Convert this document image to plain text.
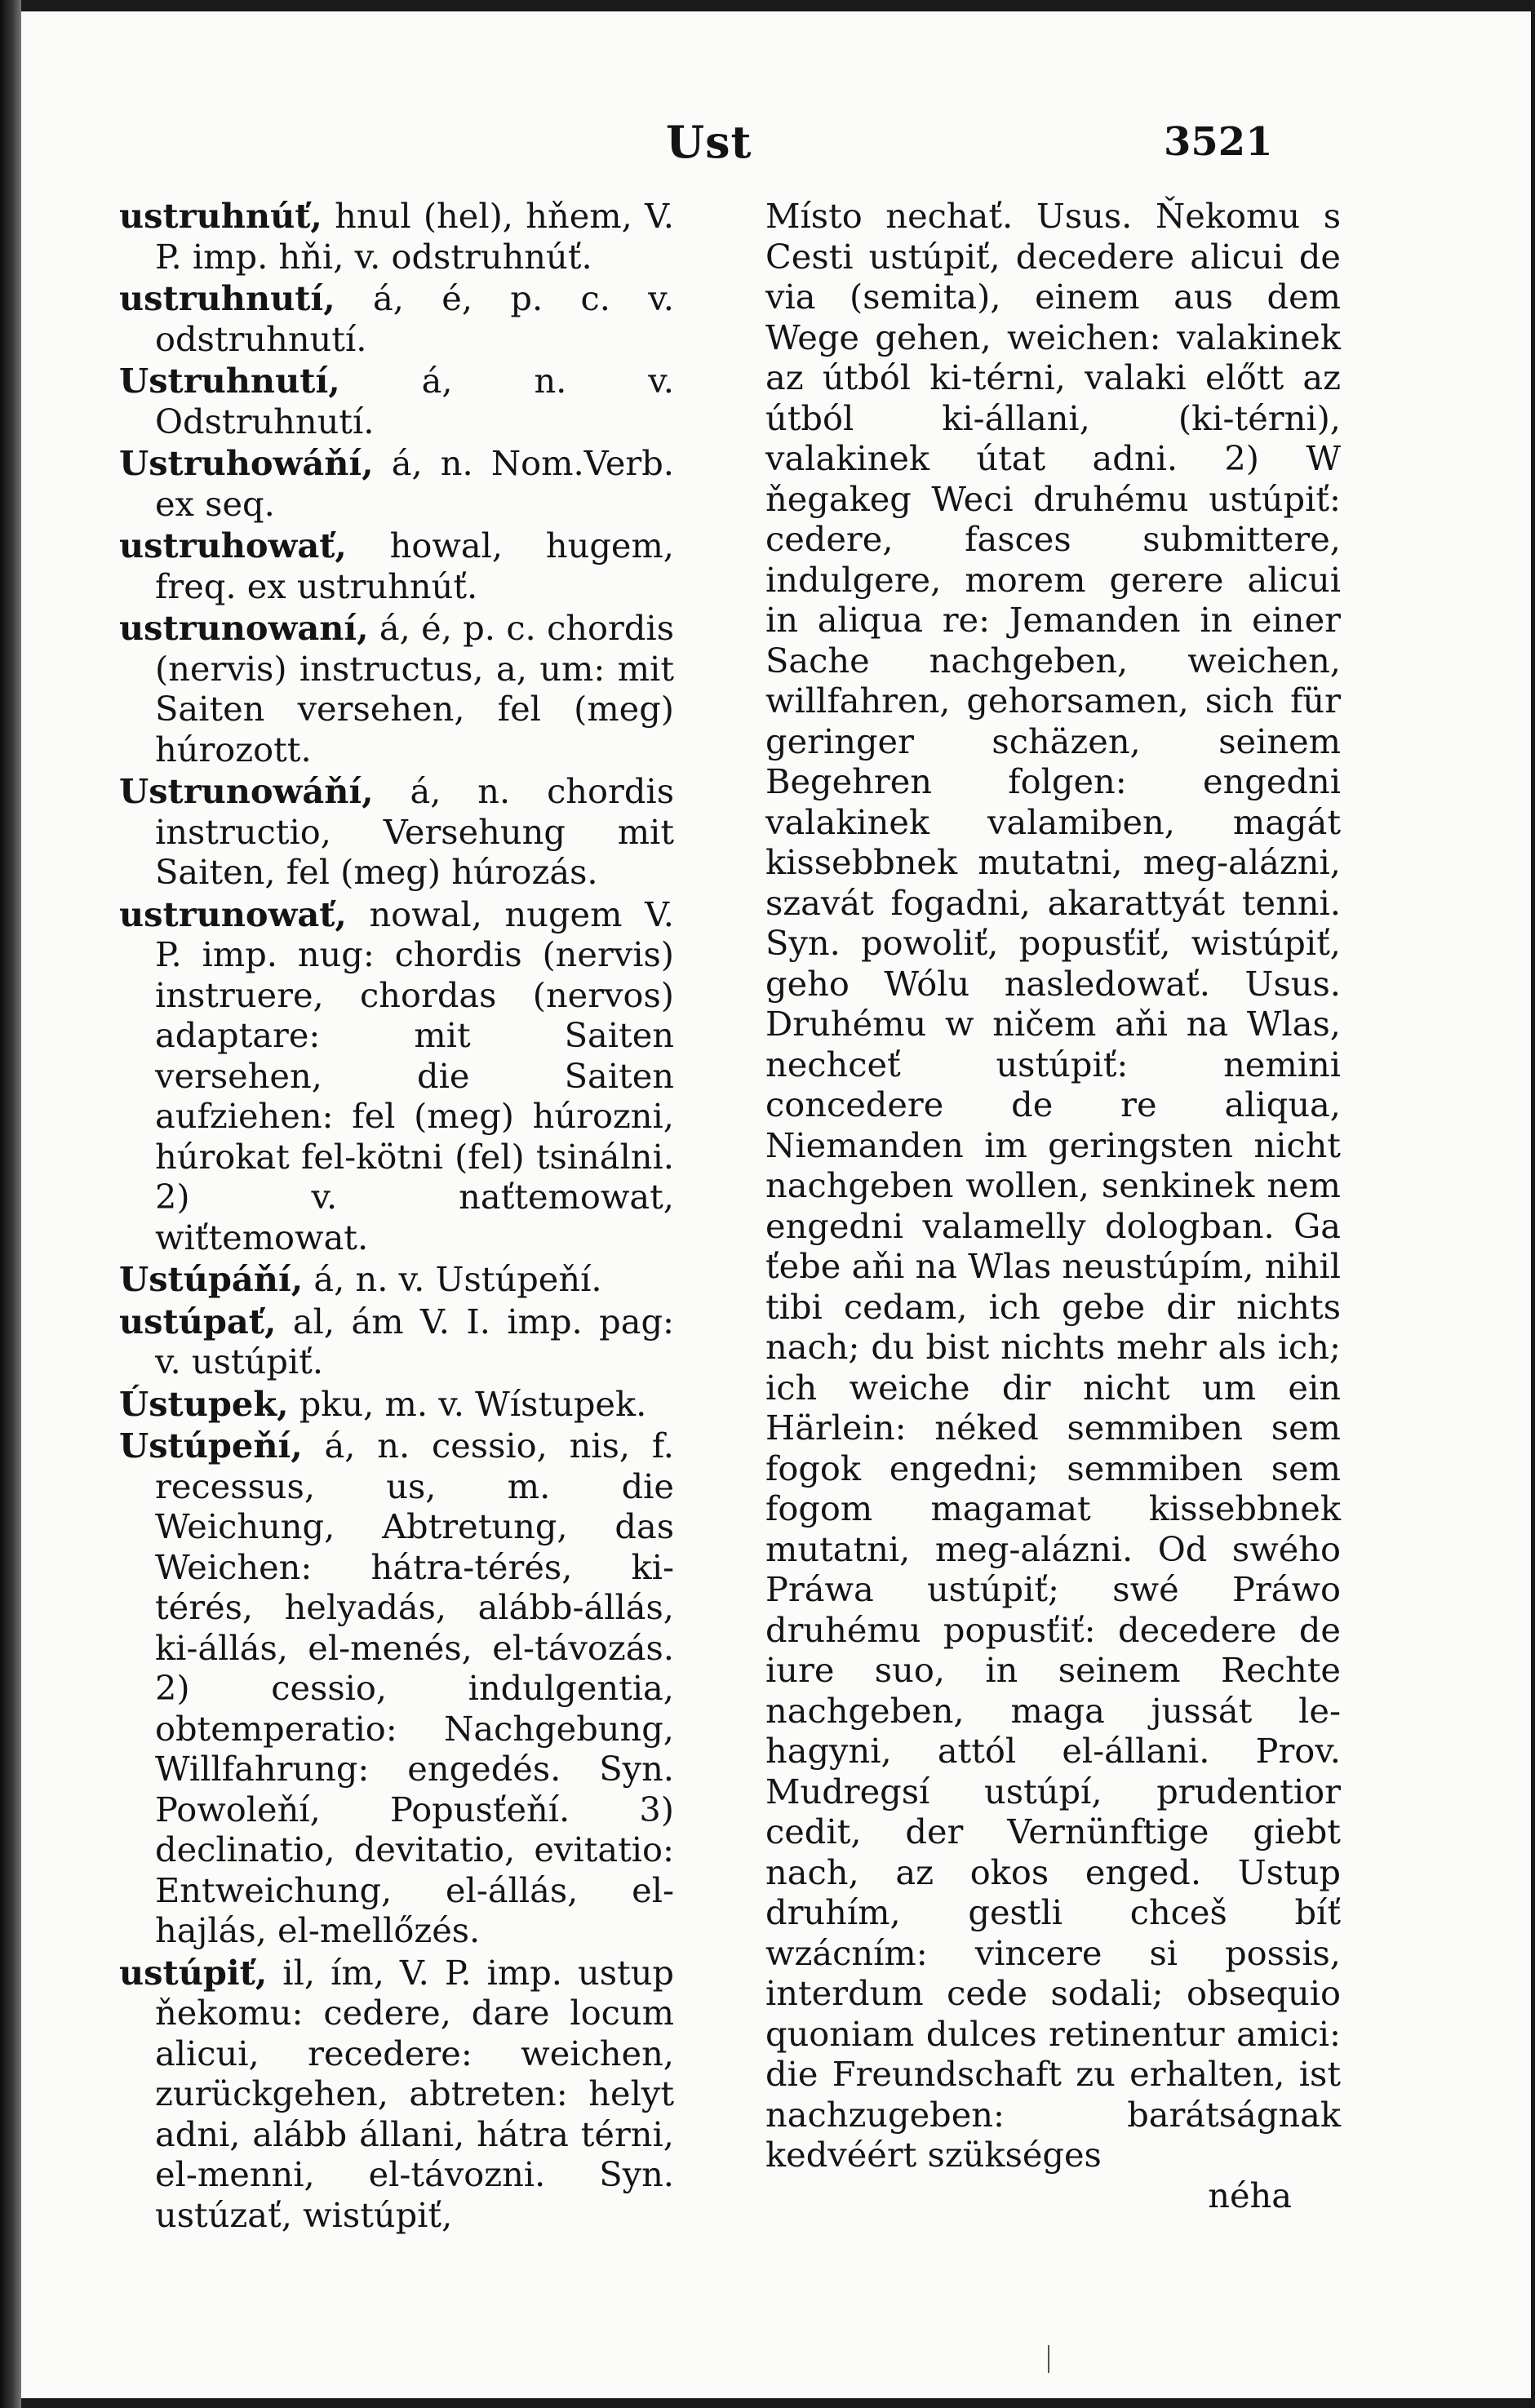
Ust	3521

ustruhnúť, hnul (hel), hňem, V. P. imp. hňi, v. odstruhnúť.

ustruhnutí, á, é, p. c. v. odstruhnutí.

Ustruhnutí, á, n. v. Odstruhnutí.

Ustruhowáňí, á, n. Nom.Verb. ex seq.

ustruhowať, howal, hugem, freq. ex ustruhnúť.

ustrunowaní, á, é, p. c. chordis (nervis) instructus, a, um: mit Saiten versehen, fel (meg) húrozott.

Ustrunowáňí, á, n. chordis instructio, Versehung mit Saiten, fel (meg) húrozás.

ustrunowať, nowal, nugem V. P. imp. nug: chordis (nervis) instruere, chordas (nervos) adaptare: mit Saiten versehen, die Saiten aufziehen: fel (meg) húrozni, húrokat fel-kötni (fel) tsinálni. 2) v. naťtemowat, wiťtemowat.

Ustúpáňí, á, n. v. Ustúpeňí.

ustúpať, al, ám V. I. imp. pag: v. ustúpiť.

Ústupek, pku, m. v. Wístupek.

Ustúpeňí, á, n. cessio, nis, f. recessus, us, m. die Weichung, Abtretung, das Weichen: hátra-térés, ki-térés, helyadás, alább-állás, ki-állás, el-menés, el-távozás. 2) cessio, indulgentia, obtemperatio: Nachgebung, Willfahrung: engedés. Syn. Powoleňí, Popusťeňí. 3) declinatio, devitatio, evitatio: Entweichung, el-állás, el-hajlás, el-mellőzés.

ustúpiť, il, ím, V. P. imp. ustup ňekomu: cedere, dare locum alicui, recedere: weichen, zurückgehen, abtreten: helyt adni, alább állani, hátra térni, el-menni, el-távozni. Syn. ustúzať, wistúpiť,

Místo nechať. Usus. Ňekomu s Cesti ustúpiť, decedere alicui de via (semita), einem aus dem Wege gehen, weichen: valakinek az útból ki-térni, valaki előtt az útból ki-állani, (ki-térni), valakinek útat adni. 2) W ňegakeg Weci druhému ustúpiť: cedere, fasces submittere, indulgere, morem gerere alicui in aliqua re: Jemanden in einer Sache nachgeben, weichen, willfahren, gehorsamen, sich für geringer schäzen, seinem Begehren folgen: engedni valakinek valamiben, magát kissebbnek mutatni, meg-alázni, szavát fogadni, akarattyát tenni. Syn. powoliť, popusťiť, wistúpiť, geho Wólu nasledowať. Usus. Druhému w ničem aňi na Wlas, nechceť ustúpiť: nemini concedere de re aliqua, Niemanden im geringsten nicht nachgeben wollen, senkinek nem engedni valamelly dologban. Ga ťebe aňi na Wlas neustúpím, nihil tibi cedam, ich gebe dir nichts nach; du bist nichts mehr als ich; ich weiche dir nicht um ein Härlein: néked semmiben sem fogok engedni; semmiben sem fogom magamat kissebbnek mutatni, meg-alázni. Od swého Práwa ustúpiť; swé Práwo druhému popusťiť: decedere de iure suo, in seinem Rechte nachgeben, maga jussát le-hagyni, attól el-állani. Prov. Mudregsí ustúpí, prudentior cedit, der Vernünftige giebt nach, az okos enged. Ustup druhím, gestli chceš bíť wzácním: vincere si possis, interdum cede sodali; obsequio quoniam dulces retinentur amici: die Freundschaft zu erhalten, ist nachzugeben: barátságnak kedvéért szükséges

néha
